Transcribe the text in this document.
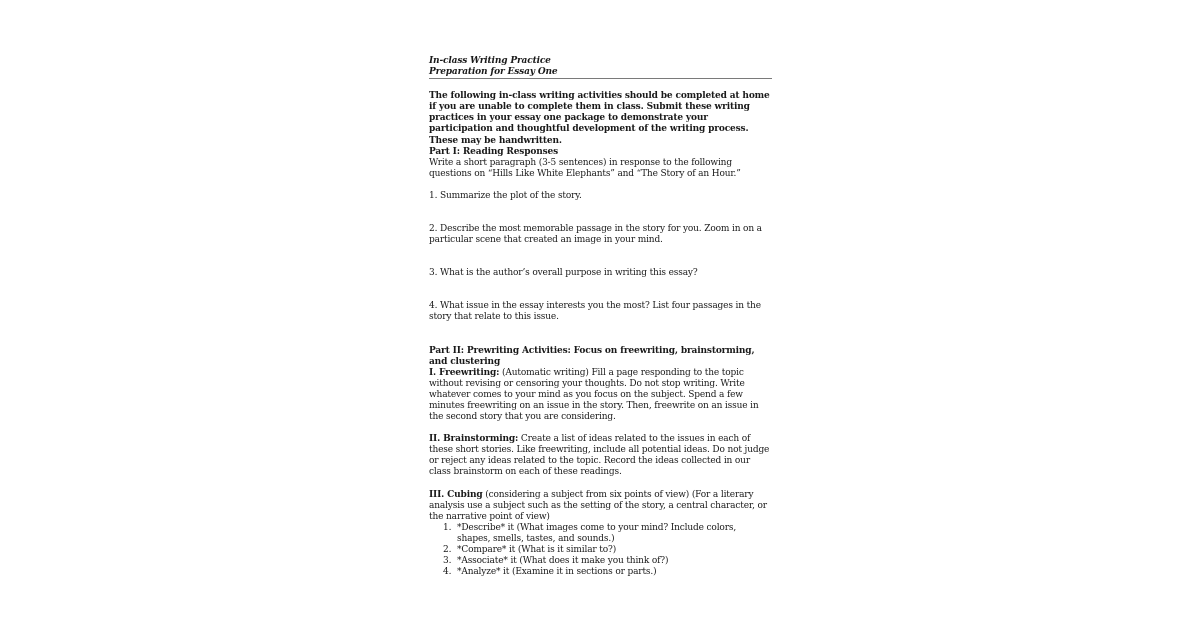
In-class Writing Practice
Preparation for Essay One

The following in-class writing activities should be completed at home if you are unable to complete them in class. Submit these writing practices in your essay one package to demonstrate your participation and thoughtful development of the writing process. These may be handwritten.

Part I: Reading Responses

Write a short paragraph (3-5 sentences) in response to the following questions on “Hills Like White Elephants” and “The Story of an Hour.”

1. Summarize the plot of the story.

2. Describe the most memorable passage in the story for you. Zoom in on a particular scene that created an image in your mind.

3. What is the author’s overall purpose in writing this essay?

4. What issue in the essay interests you the most? List four passages in the story that relate to this issue.

Part II: Prewriting Activities: Focus on freewriting, brainstorming, and clustering

I. Freewriting: (Automatic writing) Fill a page responding to the topic without revising or censoring your thoughts. Do not stop writing. Write whatever comes to your mind as you focus on the subject. Spend a few minutes freewriting on an issue in the story. Then, freewrite on an issue in the second story that you are considering.

II. Brainstorming: Create a list of ideas related to the issues in each of these short stories. Like freewriting, include all potential ideas. Do not judge or reject any ideas related to the topic. Record the ideas collected in our class brainstorm on each of these readings.

III. Cubing (considering a subject from six points of view) (For a literary analysis use a subject such as the setting of the story, a central character, or the narrative point of view)

1. *Describe* it (What images come to your mind? Include colors, shapes, smells, tastes, and sounds.)
2. *Compare* it (What is it similar to?)
3. *Associate* it (What does it make you think of?)
4. *Analyze* it (Examine it in sections or parts.)
